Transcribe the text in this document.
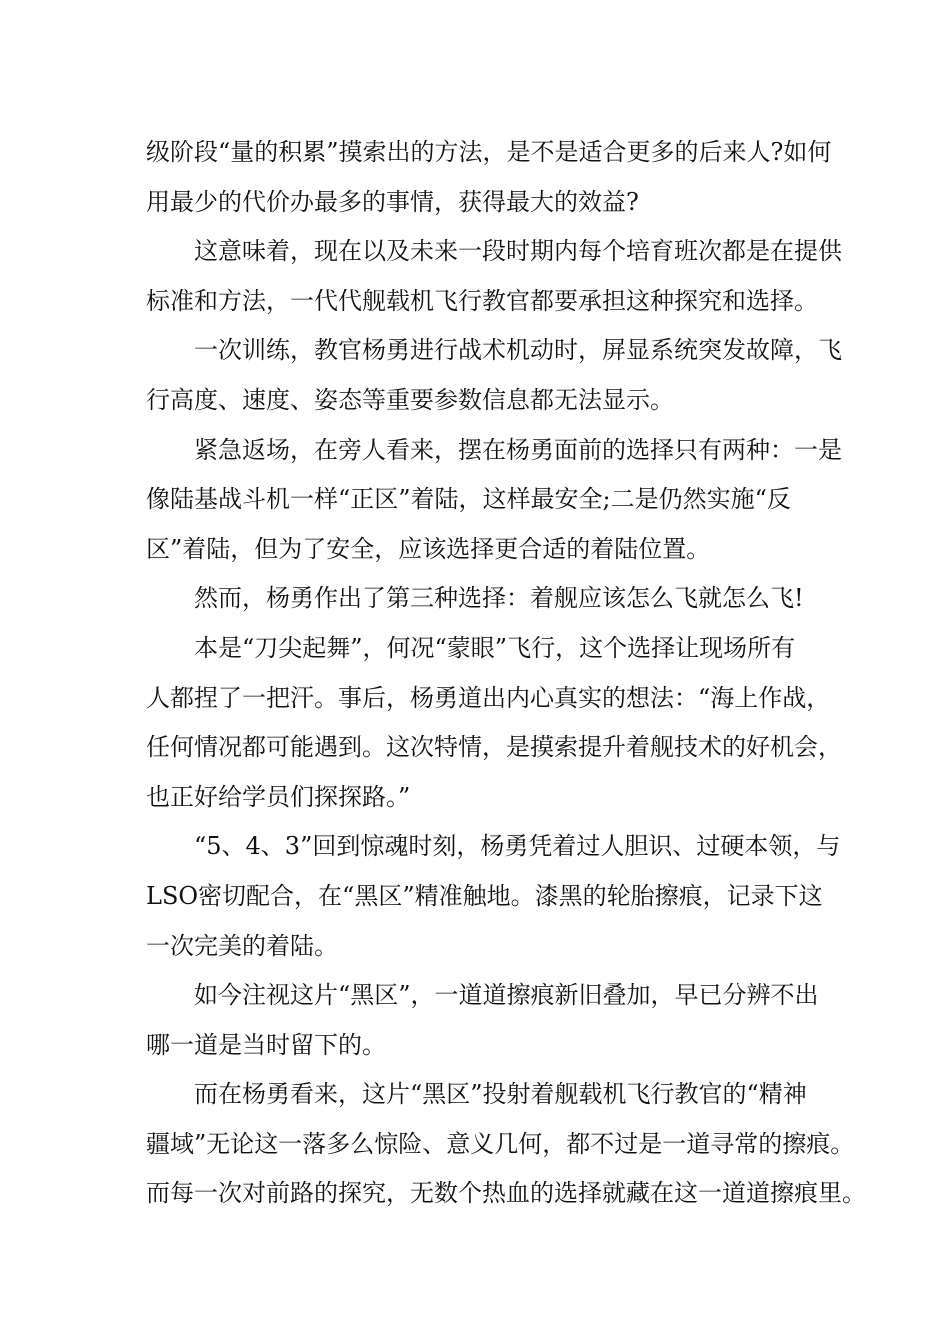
级阶段“量的积累”摸索出的方法，是不是适合更多的后来人?如何
用最少的代价办最多的事情，获得最大的效益?
这意味着，现在以及未来一段时期内每个培育班次都是在提供
标准和方法，一代代舰载机飞行教官都要承担这种探究和选择。
一次训练，教官杨勇进行战术机动时，屏显系统突发故障，飞
行高度、速度、姿态等重要参数信息都无法显示。
紧急返场，在旁人看来，摆在杨勇面前的选择只有两种：一是
像陆基战斗机一样“正区”着陆，这样最安全;二是仍然实施“反
区”着陆，但为了安全，应该选择更合适的着陆位置。
然而，杨勇作出了第三种选择：着舰应该怎么飞就怎么飞!
本是“刀尖起舞”，何况“蒙眼”飞行，这个选择让现场所有
人都捏了一把汗。事后，杨勇道出内心真实的想法：“海上作战，
任何情况都可能遇到。这次特情，是摸索提升着舰技术的好机会，
也正好给学员们探探路。”
“5、4、3”回到惊魂时刻，杨勇凭着过人胆识、过硬本领，与
LSO密切配合，在“黑区”精准触地。漆黑的轮胎擦痕，记录下这
一次完美的着陆。
如今注视这片“黑区”，一道道擦痕新旧叠加，早已分辨不出
哪一道是当时留下的。
而在杨勇看来，这片“黑区”投射着舰载机飞行教官的“精神
疆域”无论这一落多么惊险、意义几何，都不过是一道寻常的擦痕。
而每一次对前路的探究，无数个热血的选择就藏在这一道道擦痕里。
